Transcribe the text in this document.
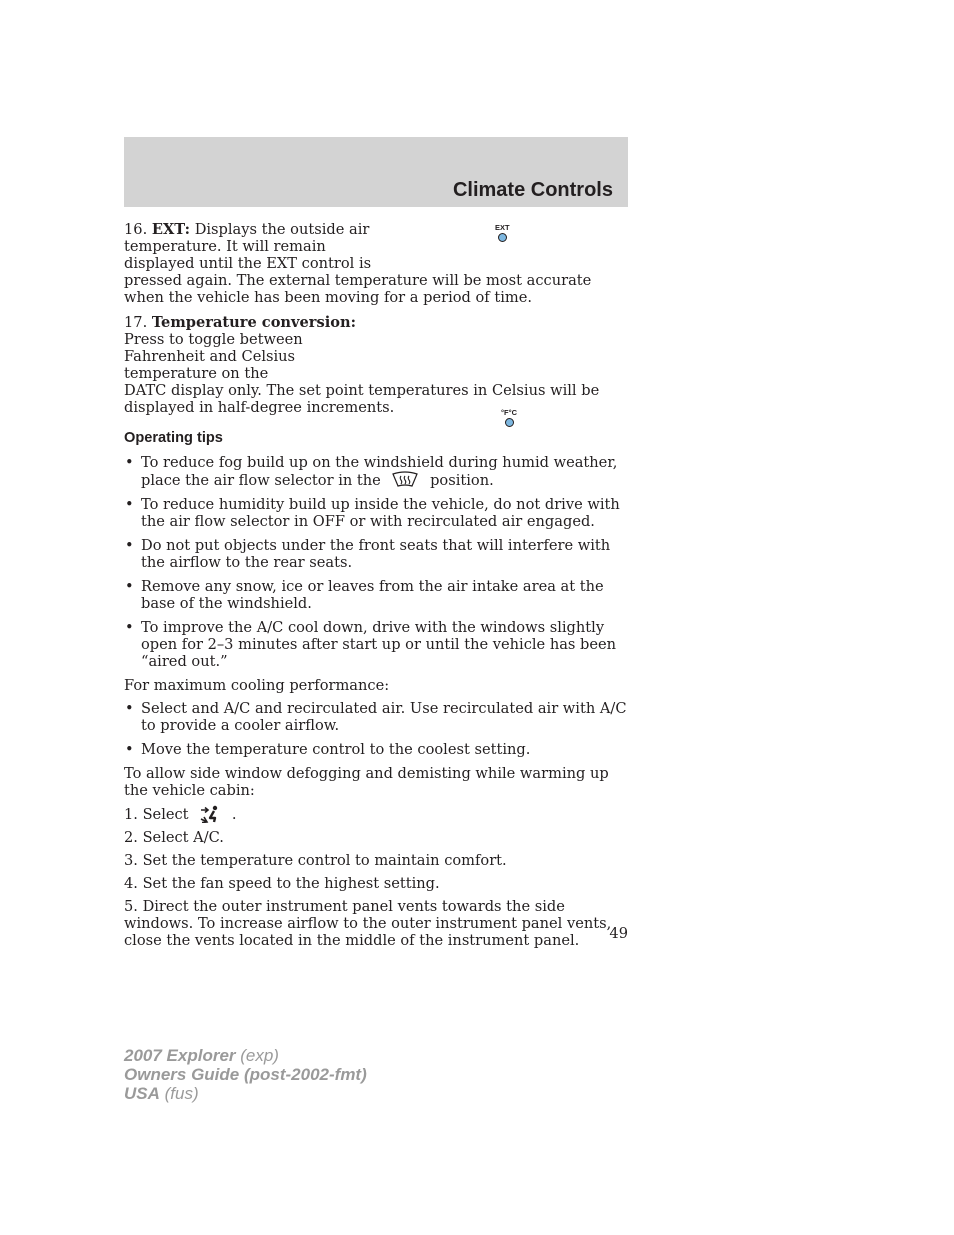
Climate Controls
16. EXT: Displays the outside air temperature. It will remain displayed until the EXT control is

pressed again. The external temperature will be most accurate when the vehicle has been moving for a period of time.

EXT
17. Temperature conversion:
Press to toggle between Fahrenheit and Celsius temperature on the

DATC display only. The set point temperatures in Celsius will be displayed in half-degree increments.	°F°C
Operating tips
• To reduce fog build up on the windshield during humid weather, place the air flow selector in the	position.
• To reduce humidity build up inside the vehicle, do not drive with the air flow selector in OFF or with recirculated air engaged.
• Do not put objects under the front seats that will interfere with the airflow to the rear seats.
• Remove any snow, ice or leaves from the air intake area at the base of the windshield.
• To improve the A/C cool down, drive with the windows slightly open for 2–3 minutes after start up or until the vehicle has been “aired out.”

For maximum cooling performance:

• Select and A/C and recirculated air. Use recirculated air with A/C to provide a cooler airflow.
• Move the temperature control to the coolest setting.

To allow side window defogging and demisting while warming up the vehicle cabin:

1. Select	.

2. Select A/C.

3. Set the temperature control to maintain comfort.

4. Set the fan speed to the highest setting.

5. Direct the outer instrument panel vents towards the side windows. To increase airflow to the outer instrument panel vents, close the vents located in the middle of the instrument panel.	49
2007 Explorer (exp)
Owners Guide (post-2002-fmt)
USA (fus)
